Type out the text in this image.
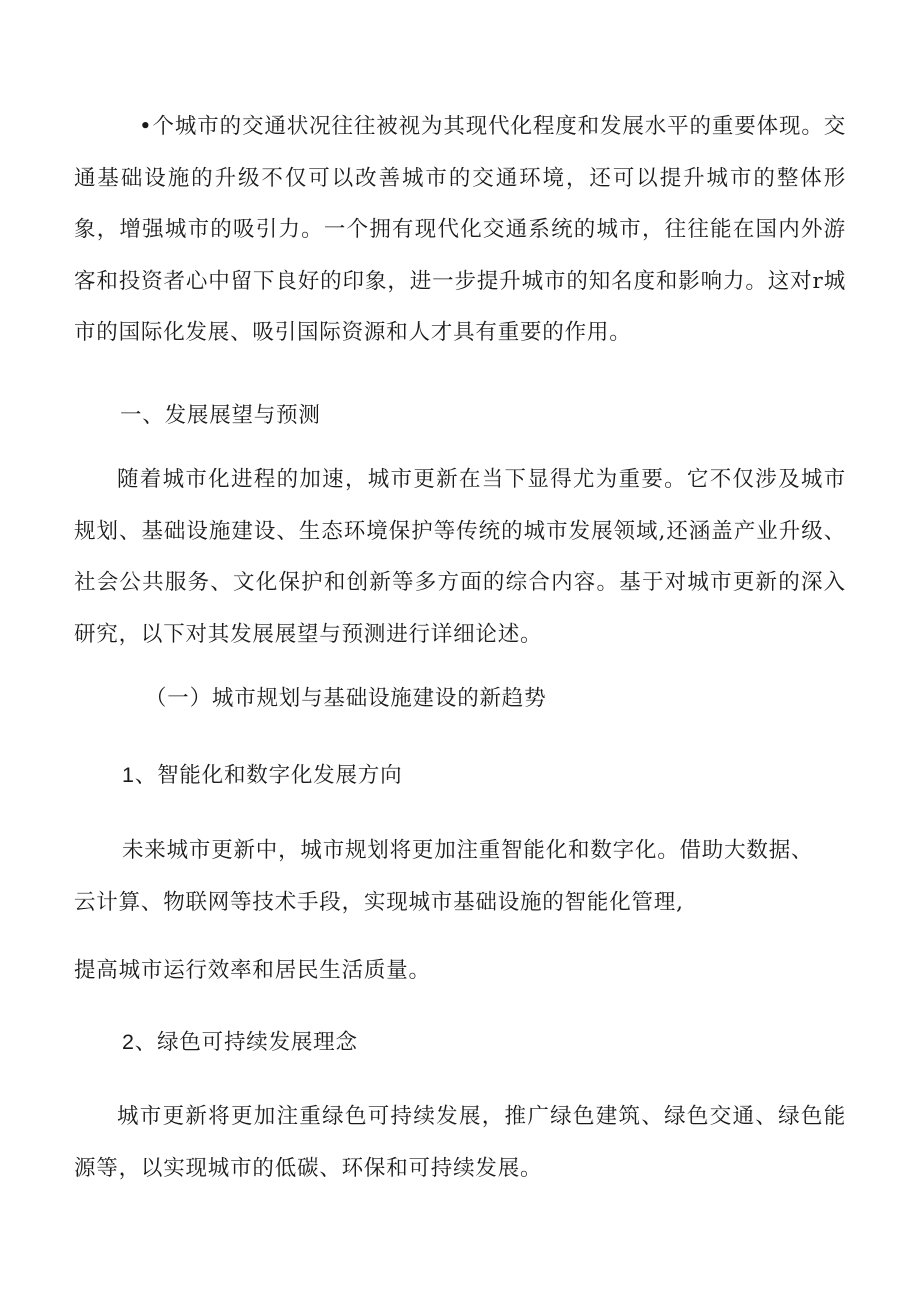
•个城市的交通状况往往被视为其现代化程度和发展水平的重要体现。交通基础设施的升级不仅可以改善城市的交通环境，还可以提升城市的整体形象，增强城市的吸引力。一个拥有现代化交通系统的城市，往往能在国内外游客和投资者心中留下良好的印象，进一步提升城市的知名度和影响力。这对r城市的国际化发展、吸引国际资源和人才具有重要的作用。

一、发展展望与预测

随着城市化进程的加速，城市更新在当下显得尤为重要。它不仅涉及城市规划、基础设施建设、生态环境保护等传统的城市发展领域,还涵盖产业升级、社会公共服务、文化保护和创新等多方面的综合内容。基于对城市更新的深入研究，以下对其发展展望与预测进行详细论述。

（一）城市规划与基础设施建设的新趋势

1、智能化和数字化发展方向

未来城市更新中，城市规划将更加注重智能化和数字化。借助大数据、

云计算、物联网等技术手段，实现城市基础设施的智能化管理,

提高城市运行效率和居民生活质量。

2、绿色可持续发展理念

城市更新将更加注重绿色可持续发展，推广绿色建筑、绿色交通、绿色能源等，以实现城市的低碳、环保和可持续发展。
